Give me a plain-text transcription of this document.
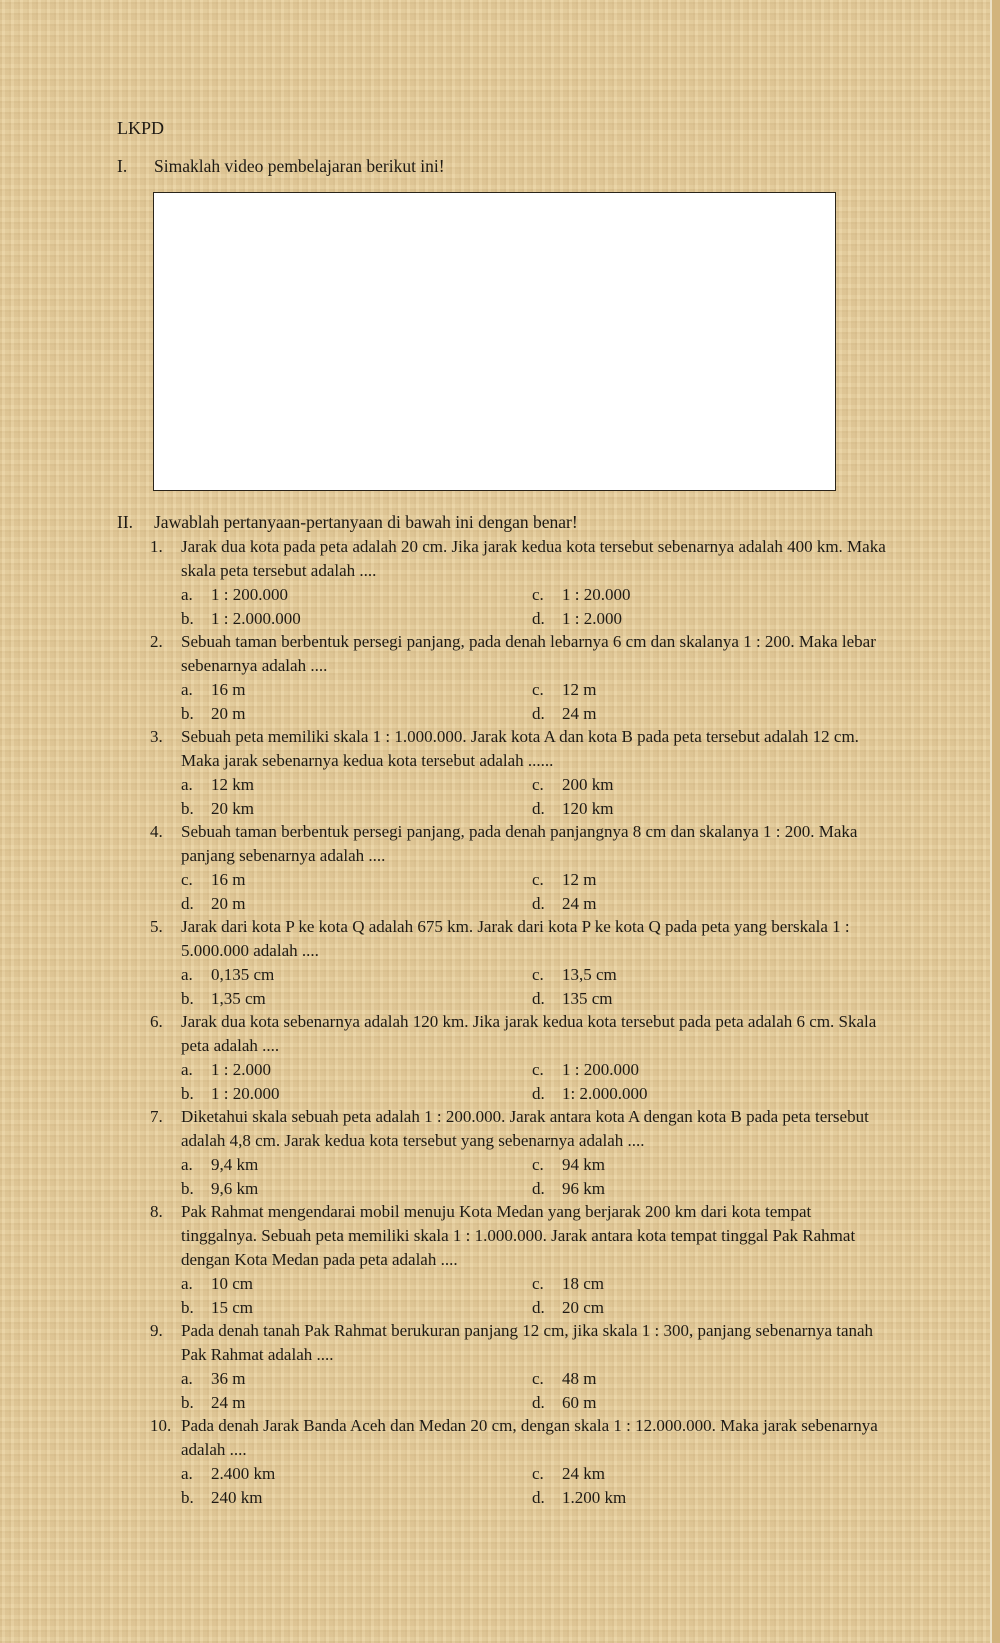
LKPD
I. Simaklah video pembelajaran berikut ini!
II. Jawablah pertanyaan-pertanyaan di bawah ini dengan benar!
1.	Jarak dua kota pada peta adalah 20 cm. Jika jarak kedua kota tersebut sebenarnya adalah 400 km. Maka skala peta tersebut adalah ....
a. 1 : 200.000	c. 1 : 20.000
b. 1 : 2.000.000	d. 1 : 2.000
2.	Sebuah taman berbentuk persegi panjang, pada denah lebarnya 6 cm dan skalanya 1 : 200. Maka lebar sebenarnya adalah ....
a. 16 m	c. 12 m
b. 20 m	d. 24 m
3.	Sebuah peta memiliki skala 1 : 1.000.000. Jarak kota A dan kota B pada peta tersebut adalah 12 cm. Maka jarak sebenarnya kedua kota tersebut adalah ......
a. 12 km	c. 200 km
b. 20 km	d. 120 km
4.	Sebuah taman berbentuk persegi panjang, pada denah panjangnya 8 cm dan skalanya 1 : 200. Maka panjang sebenarnya adalah ....
c. 16 m	c. 12 m
d. 20 m	d. 24 m
5.	Jarak dari kota P ke kota Q adalah 675 km. Jarak dari kota P ke kota Q pada peta yang berskala 1 : 5.000.000 adalah ....
a. 0,135 cm	c. 13,5 cm
b. 1,35 cm	d. 135 cm
6.	Jarak dua kota sebenarnya adalah 120 km. Jika jarak kedua kota tersebut pada peta adalah 6 cm. Skala peta adalah ....
a. 1 : 2.000	c. 1 : 200.000
b. 1 : 20.000	d. 1: 2.000.000
7.	Diketahui skala sebuah peta adalah 1 : 200.000. Jarak antara kota A dengan kota B pada peta tersebut adalah 4,8 cm. Jarak kedua kota tersebut yang sebenarnya adalah ....
a. 9,4 km	c. 94 km
b. 9,6 km	d. 96 km
8.	Pak Rahmat mengendarai mobil menuju Kota Medan yang berjarak 200 km dari kota tempat tinggalnya. Sebuah peta memiliki skala 1 : 1.000.000. Jarak antara kota tempat tinggal Pak Rahmat dengan Kota Medan pada peta adalah ....
a. 10 cm	c. 18 cm
b. 15 cm	d. 20 cm
9.	Pada denah tanah Pak Rahmat berukuran panjang 12 cm, jika skala 1 : 300, panjang sebenarnya tanah Pak Rahmat adalah ....
a. 36 m	c. 48 m
b. 24 m	d. 60 m
10. Pada denah Jarak Banda Aceh dan Medan 20 cm, dengan skala 1 : 12.000.000. Maka jarak sebenarnya adalah ....
a. 2.400 km	c. 24 km
b. 240 km	d. 1.200 km
